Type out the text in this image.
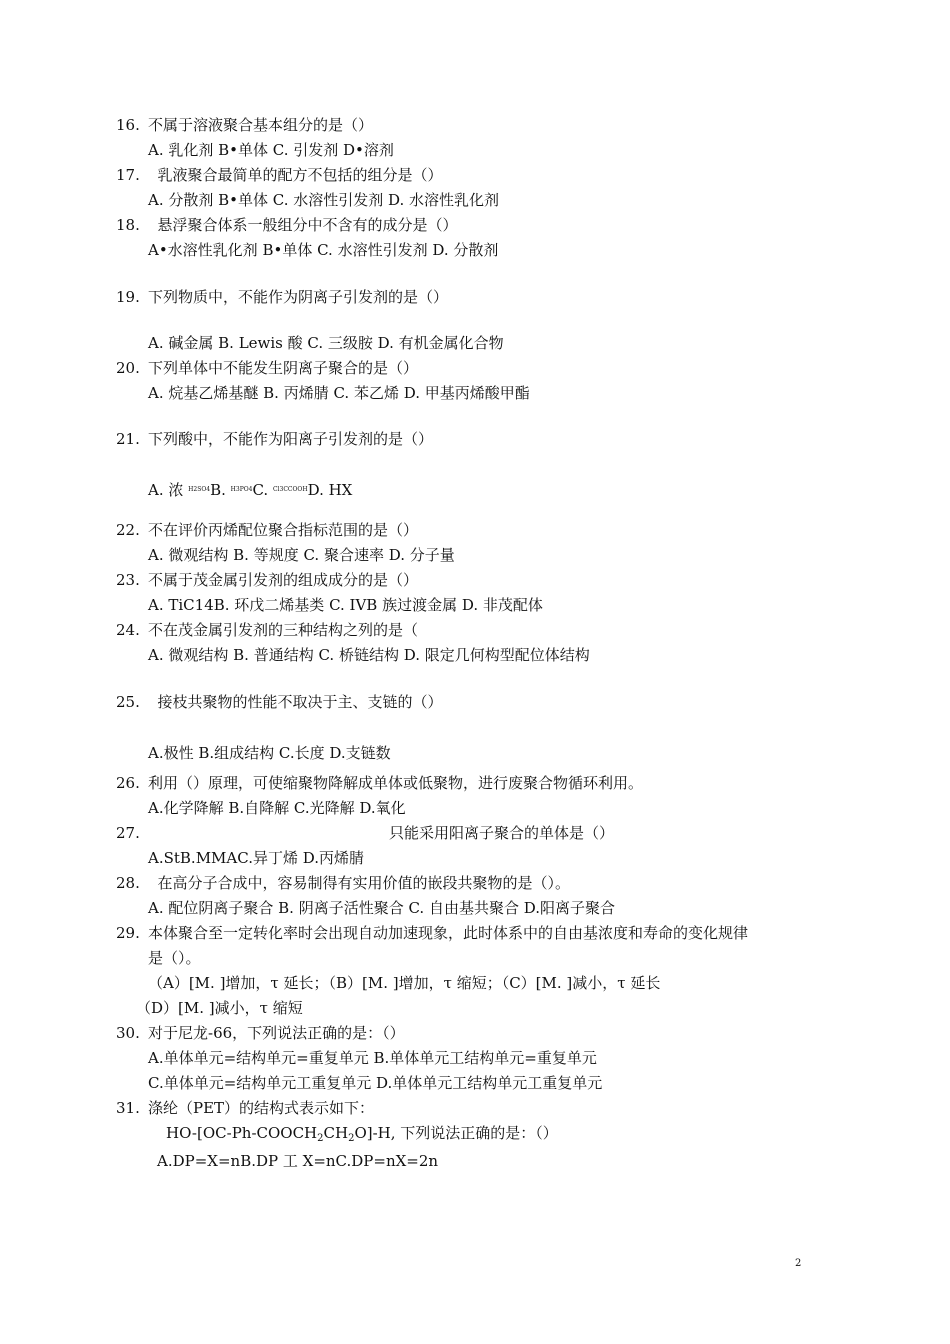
16. 不属于溶液聚合基本组分的是（）
A. 乳化剂 B•单体 C. 引发剂 D•溶剂
17. 乳液聚合最简单的配方不包括的组分是（）
A. 分散剂 B•单体 C. 水溶性引发剂 D. 水溶性乳化剂
18. 悬浮聚合体系一般组分中不含有的成分是（）
A•水溶性乳化剂 B•单体 C. 水溶性引发剂 D. 分散剂
19. 下列物质中，不能作为阴离子引发剂的是（）
A. 碱金属 B. Lewis 酸 C. 三级胺 D. 有机金属化合物
20. 下列单体中不能发生阴离子聚合的是（）
A. 烷基乙烯基醚 B. 丙烯腈 C. 苯乙烯 D. 甲基丙烯酸甲酯
21. 下列酸中，不能作为阳离子引发剂的是（）
A. 浓 $^{H2SO4}$B. $^{H3PO4}$C. $^{Cl3CCOOH}$D. HX
22. 不在评价丙烯配位聚合指标范围的是（）
A. 微观结构 B. 等规度 C. 聚合速率 D. 分子量
23. 不属于茂金属引发剂的组成成分的是（）
A. TiC14B. 环戊二烯基类 C. IVB 族过渡金属 D. 非茂配体
24. 不在茂金属引发剂的三种结构之列的是（
A. 微观结构 B. 普通结构 C. 桥链结构 D. 限定几何构型配位体结构
25. 接枝共聚物的性能不取决于主、支链的（）
A.极性 B.组成结构 C.长度 D.支链数
26. 利用（）原理，可使缩聚物降解成单体或低聚物，进行废聚合物循环利用。
A.化学降解 B.自降解 C.光降解 D.氧化
27.	只能采用阳离子聚合的单体是（）
A.StB.MMAC.异丁烯 D.丙烯腈
28. 在高分子合成中，容易制得有实用价值的嵌段共聚物的是（）。
A. 配位阴离子聚合 B. 阴离子活性聚合 C. 自由基共聚合 D.阳离子聚合
29. 本体聚合至一定转化率时会出现自动加速现象，此时体系中的自由基浓度和寿命的变化规律
是（）。
（A）[M. ]增加，τ 延长；（B）[M. ]增加，τ 缩短；（C）[M. ]减小，τ 延长
（D）[M. ]减小，τ 缩短
30. 对于尼龙-66，下列说法正确的是：（）
A.单体单元=结构单元=重复单元 B.单体单元工结构单元=重复单元
C.单体单元=结构单元工重复单元 D.单体单元工结构单元工重复单元
31. 涤纶（PET）的结构式表示如下：
$HO-[OC-Ph-COOCH_2CH_2O]-H$, 下列说法正确的是：（）
A.DP=X=nB.DP 工 X=nC.DP=nX=2n
2
